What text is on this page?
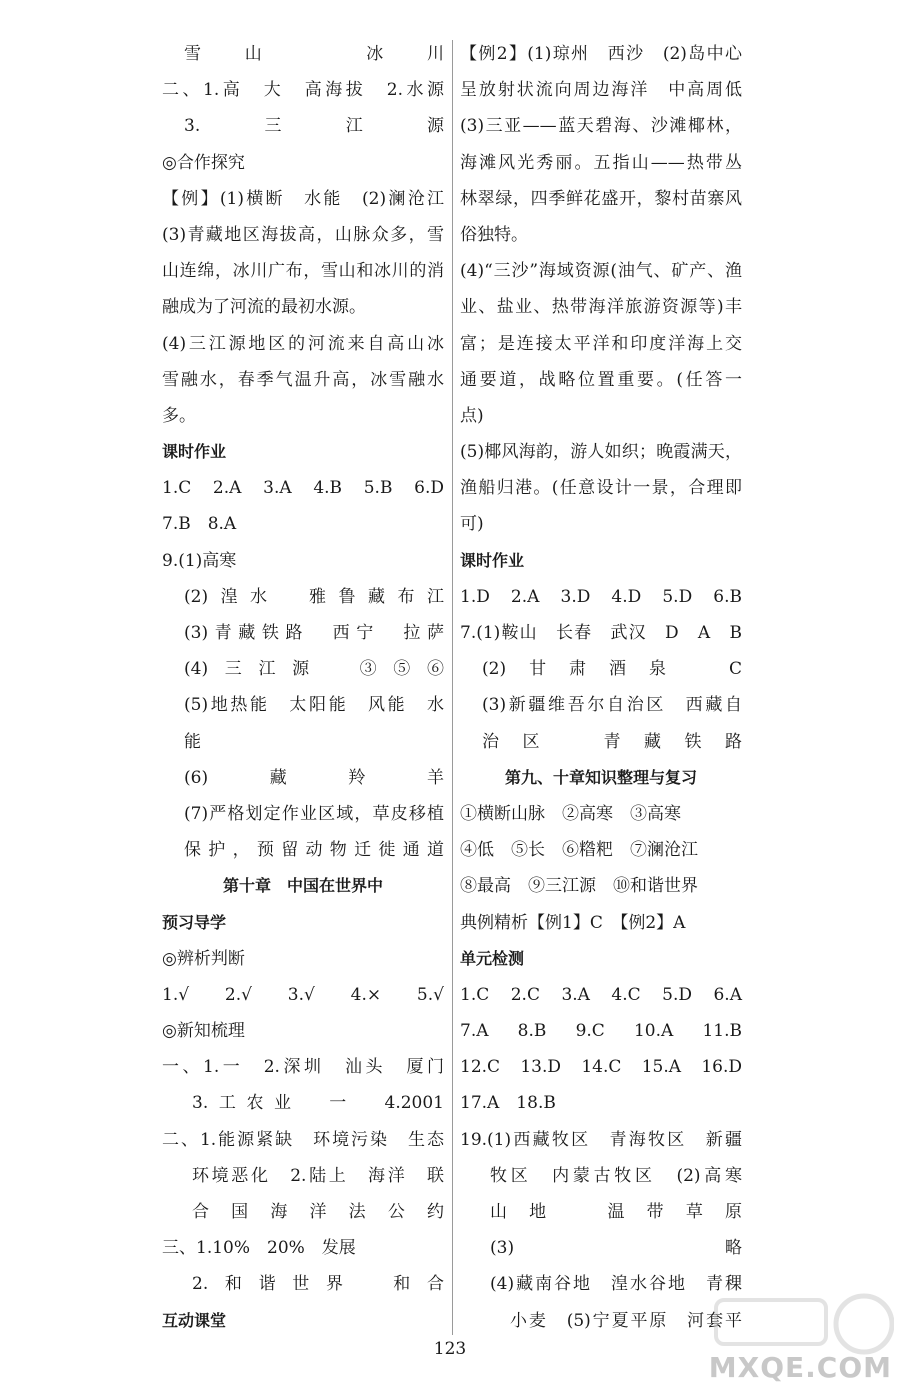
雪山　冰川
二、1.高　大　高海拔　2.水源
3.三江源
◎合作探究
【例】(1)横断　水能　(2)澜沧江
(3)青藏地区海拔高，山脉众多，雪
山连绵，冰川广布，雪山和冰川的消
融成为了河流的最初水源。
(4)三江源地区的河流来自高山冰
雪融水，春季气温升高，冰雪融水
多。
课时作业
1.C　2.A　3.A　4.B　5.B　6.D
7.B　8.A
9.(1)高寒
(2)湟水　雅鲁藏布江
(3)青藏铁路　西宁　拉萨
(4)三江源　③⑤⑥
(5)地热能　太阳能　风能　水
能
(6)藏羚羊
(7)严格划定作业区域，草皮移植
保护，预留动物迁徙通道
第十章　中国在世界中
预习导学
◎辨析判断
1.√　2.√　3.√　4.×　5.√
◎新知梳理
一、1.一　2.深圳　汕头　厦门
3.工农业　一　4.2001
二、1.能源紧缺　环境污染　生态
环境恶化　2.陆上　海洋　联
合国海洋法公约
三、1.10%　20%　发展
2.和谐世界　和合
互动课堂
【例2】(1)琼州　西沙　(2)岛中心
呈放射状流向周边海洋　中高周低
(3)三亚——蓝天碧海、沙滩椰林，
海滩风光秀丽。五指山——热带丛
林翠绿，四季鲜花盛开，黎村苗寨风
俗独特。
(4)“三沙”海域资源(油气、矿产、渔
业、盐业、热带海洋旅游资源等)丰
富；是连接太平洋和印度洋海上交
通要道，战略位置重要。(任答一
点)
(5)椰风海韵，游人如织；晚霞满天，
渔船归港。(任意设计一景，合理即
可)
课时作业
1.D　2.A　3.D　4.D　5.D　6.B
7.(1)鞍山　长春　武汉　D　A　B
(2)甘肃酒泉　C
(3)新疆维吾尔自治区　西藏自
治区　青藏铁路
第九、十章知识整理与复习
①横断山脉　②高寒　③高寒
④低　⑤长　⑥糌粑　⑦澜沧江
⑧最高　⑨三江源　⑩和谐世界
典例精析【例1】C　【例2】A
单元检测
1.C　2.C　3.A　4.C　5.D　6.A
7.A　8.B　9.C　10.A　11.B
12.C　13.D　14.C　15.A　16.D
17.A　18.B
19.(1)西藏牧区　青海牧区　新疆
牧区　内蒙古牧区　(2)高寒
山地　温带草原
(3)略
(4)藏南谷地　湟水谷地　青稞
小麦　(5)宁夏平原　河套平
123
MXQE.COM
